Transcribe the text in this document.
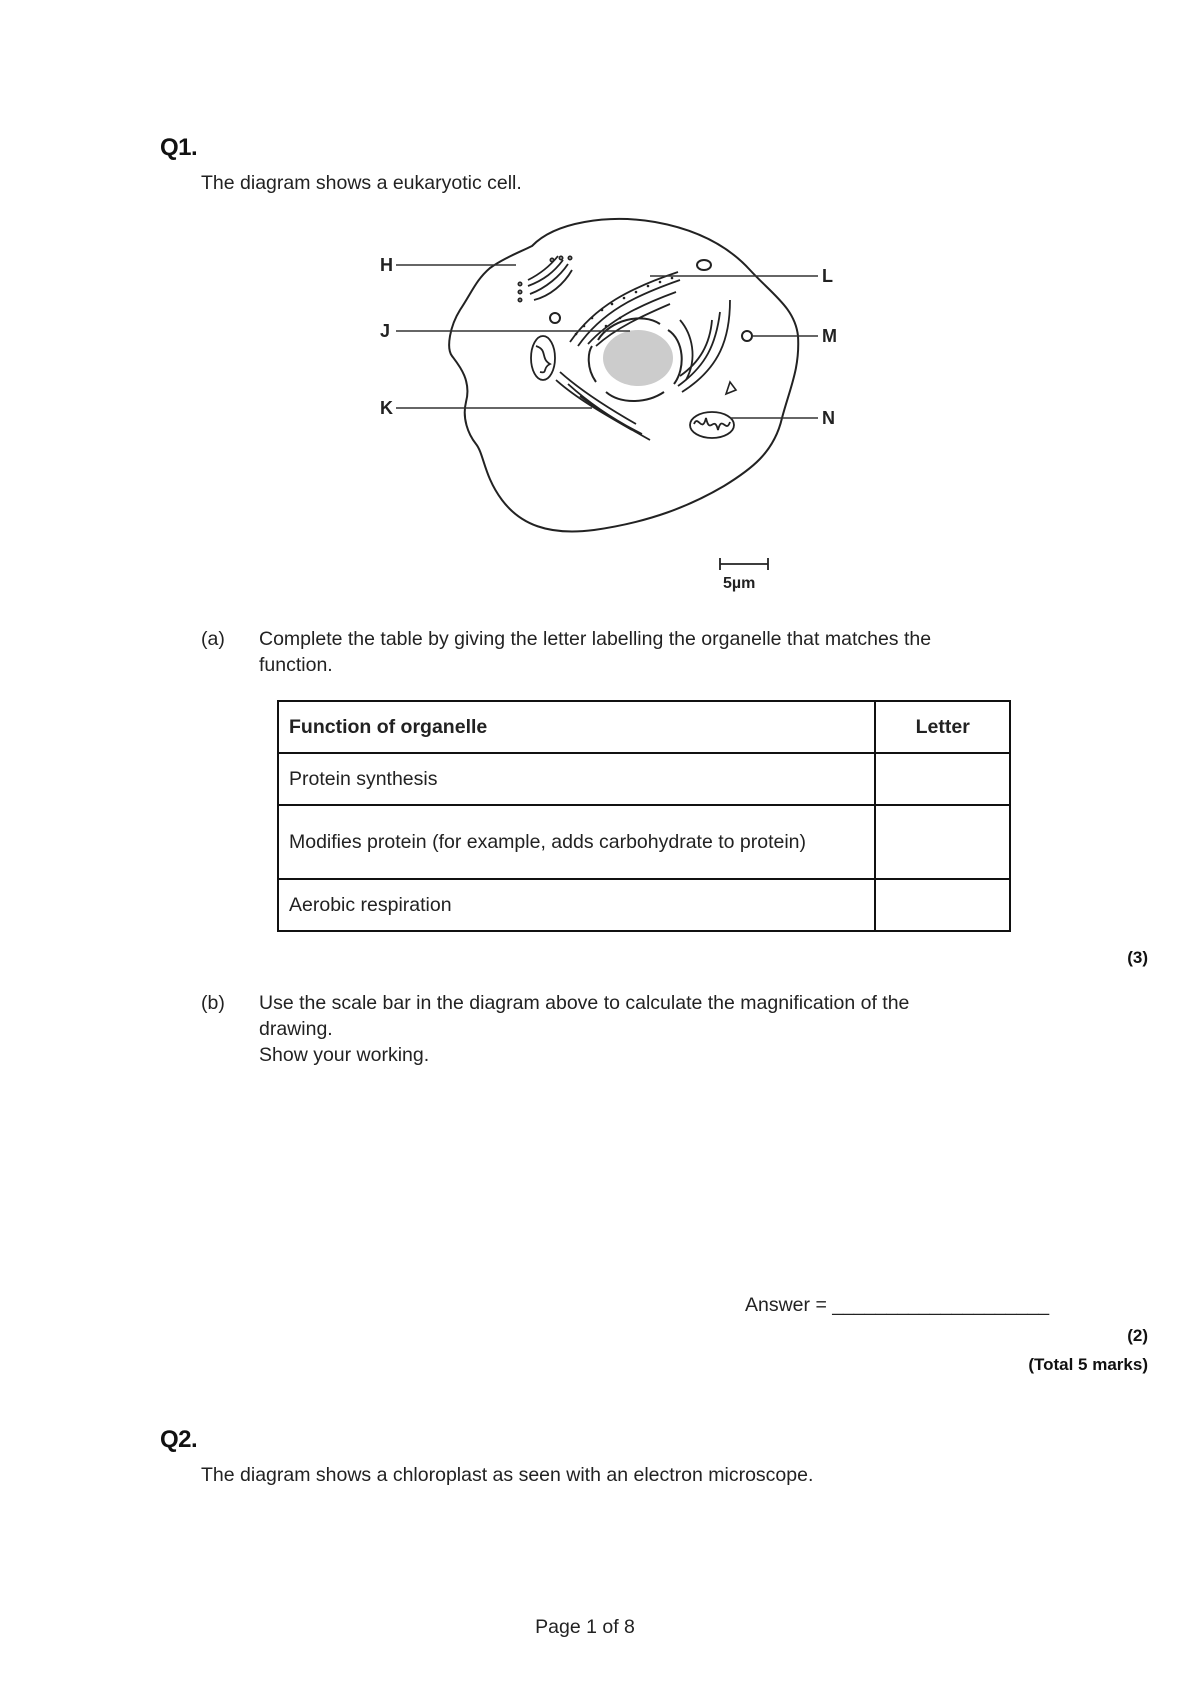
Q1.
The diagram shows a eukaryotic cell.
H
J
K
L
M
N
5µm
(a) Complete the table by giving the letter labelling the organelle that matches the
function.
Function of organelle	Letter
Protein synthesis	
Modifies protein (for example, adds carbohydrate to protein)	
Aerobic respiration	
(3)
(b) Use the scale bar in the diagram above to calculate the magnification of the
drawing.
Show your working.
Answer = ____________________
(2)
(Total 5 marks)
Q2.
The diagram shows a chloroplast as seen with an electron microscope.
Page 1 of 8
